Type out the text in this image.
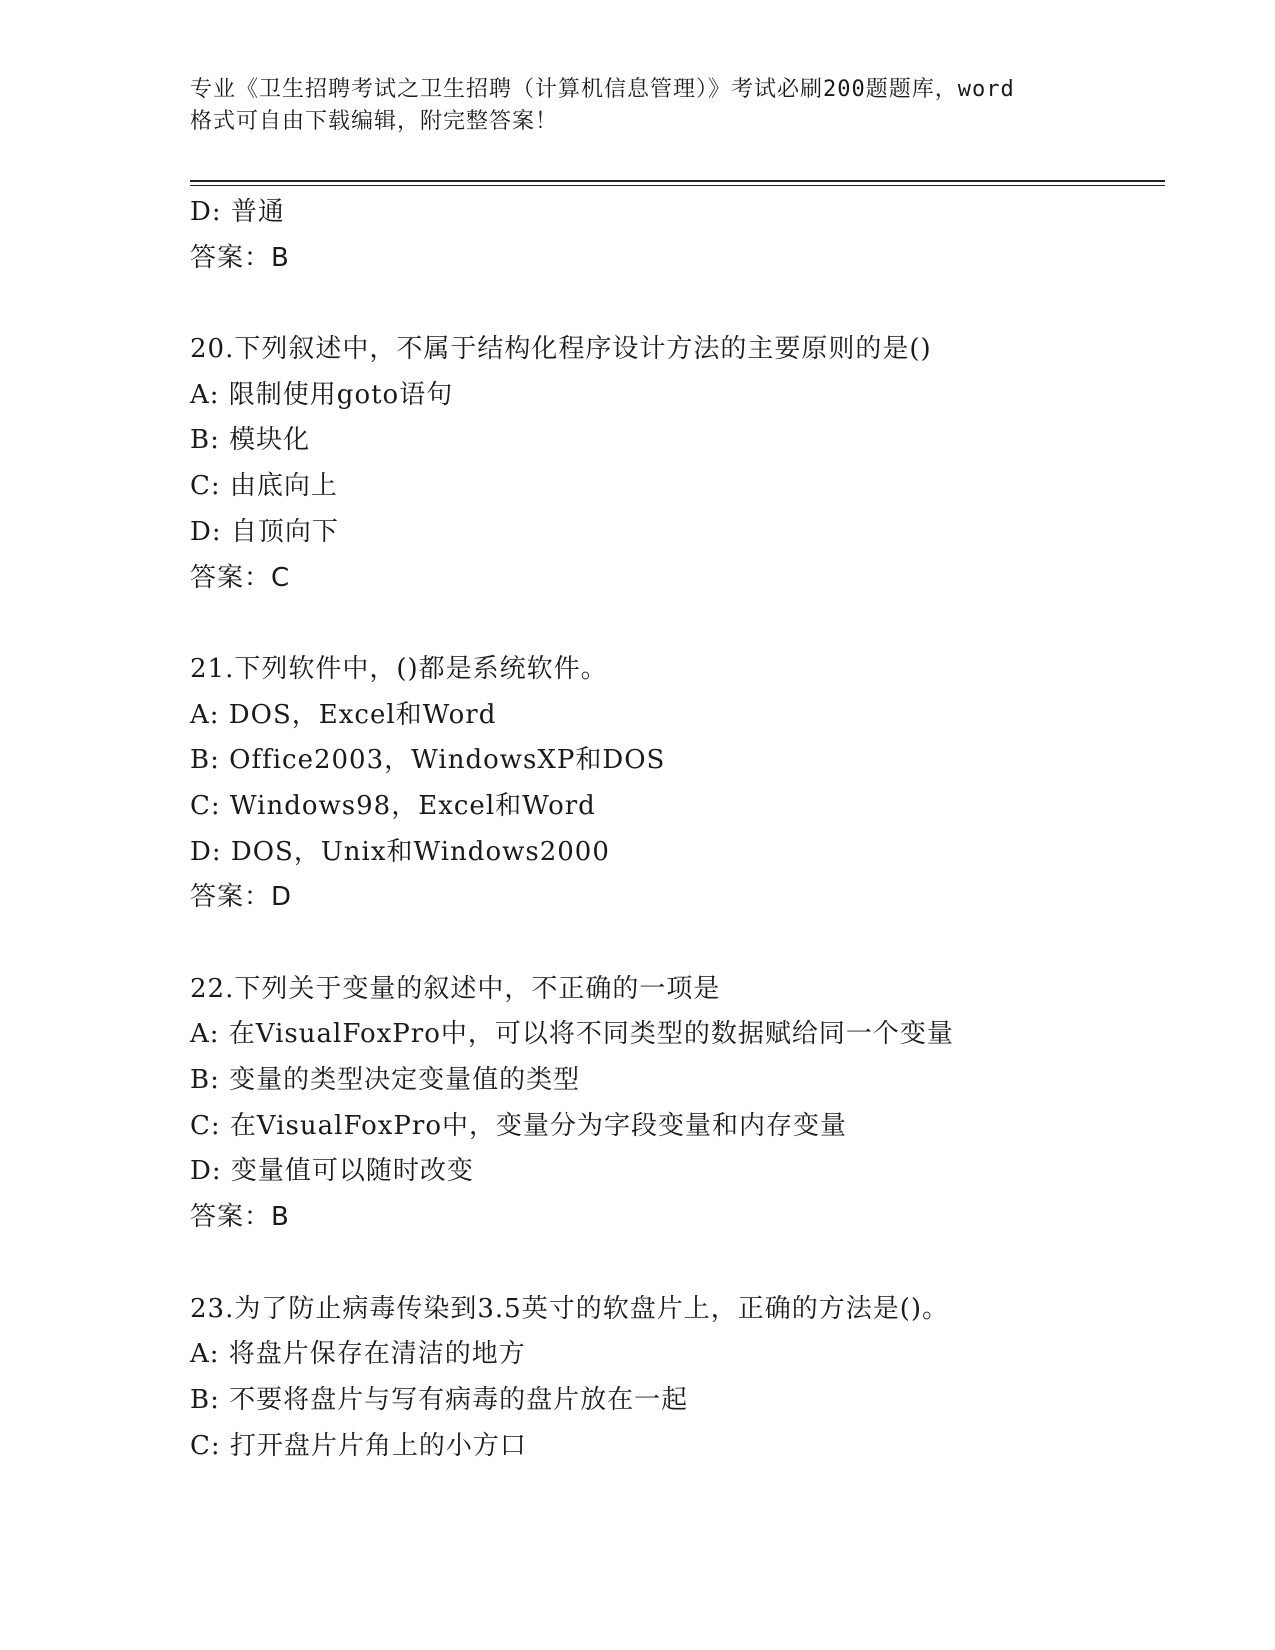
专业《卫生招聘考试之卫生招聘（计算机信息管理）》考试必刷200题题库，word
格式可自由下载编辑，附完整答案！
D: 普通
答案：B
20.下列叙述中，不属于结构化程序设计方法的主要原则的是()
A: 限制使用goto语句
B: 模块化
C: 由底向上
D: 自顶向下
答案：C
21.下列软件中，()都是系统软件。
A: DOS，Excel和Word
B: Office2003，WindowsXP和DOS
C: Windows98，Excel和Word
D: DOS，Unix和Windows2000
答案：D
22.下列关于变量的叙述中，不正确的一项是
A: 在VisualFoxPro中，可以将不同类型的数据赋给同一个变量
B: 变量的类型决定变量值的类型
C: 在VisualFoxPro中，变量分为字段变量和内存变量
D: 变量值可以随时改变
答案：B
23.为了防止病毒传染到3.5英寸的软盘片上，正确的方法是()。
A: 将盘片保存在清洁的地方
B: 不要将盘片与写有病毒的盘片放在一起
C: 打开盘片片角上的小方口
